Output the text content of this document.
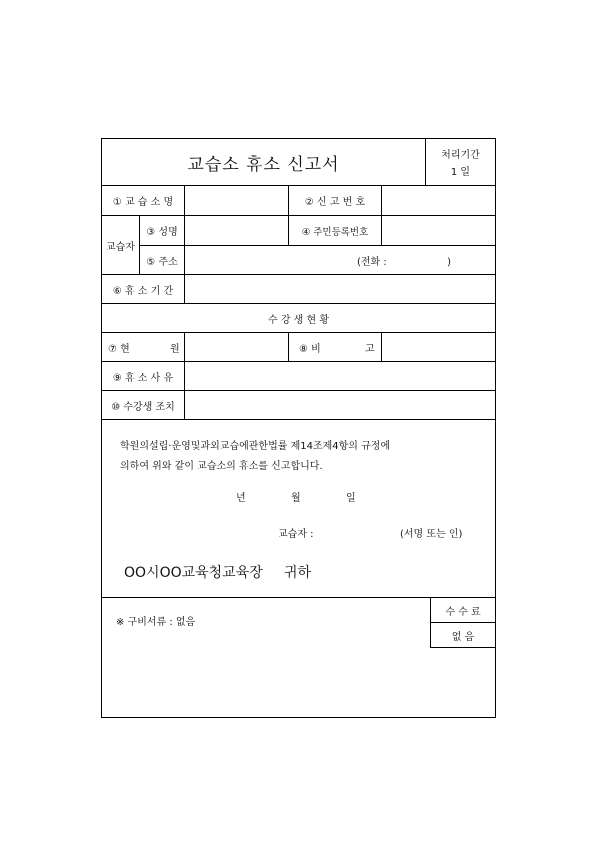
교습소 휴소 신고서	처리기간
1 일
① 교 습 소 명	② 신 고 번 호
교습자
③ 성명	④ 주민등록번호
⑤ 주소	(전화 :                   )
⑥ 휴 소 기 간
수 강 생 현 황
⑦ 현	원	⑧ 비	고
⑨ 휴 소 사 유
⑩ 수강생 조치
학원의설립·운영및과외교습에관한법률 제14조제4항의 규정에
의하여 위와 같이 교습소의 휴소를 신고합니다.
년	월	일
교습자 :	(서명 또는 인)
OO시OO교육청교육장 귀하
※ 구비서류 : 없음
수 수 료
없 음
